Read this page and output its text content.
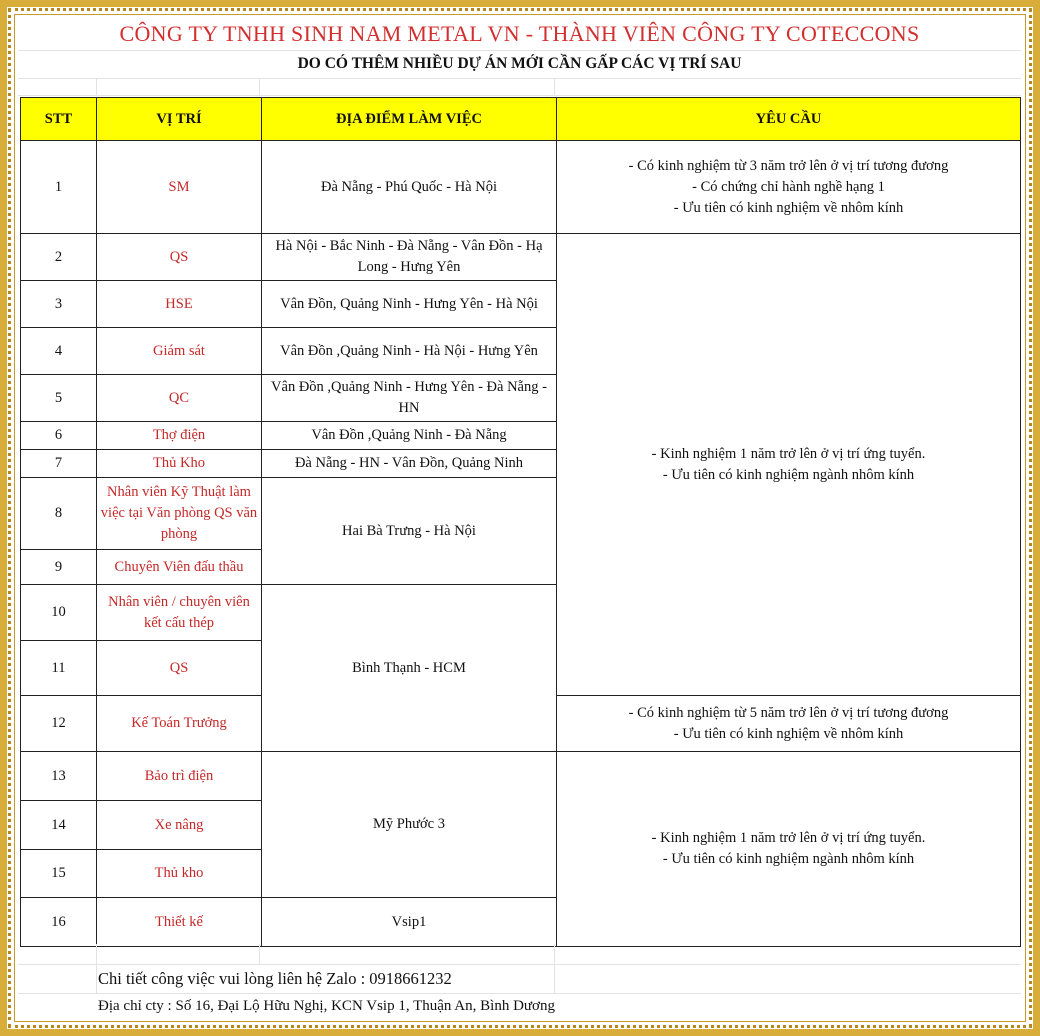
CÔNG TY TNHH SINH NAM METAL VN - THÀNH VIÊN CÔNG TY COTECCONS
DO CÓ THÊM NHIỀU DỰ ÁN MỚI CẦN GẤP CÁC VỊ TRÍ SAU
STT	VỊ TRÍ	ĐỊA ĐIỂM LÀM VIỆC	YÊU CẦU
1	SM	Đà Nẵng - Phú Quốc - Hà Nội	- Có kinh nghiệm từ 3 năm trở lên ở vị trí tương đương
- Có chứng chỉ hành nghề hạng 1
- Ưu tiên có kinh nghiệm về nhôm kính

2	QS	Hà Nội - Bắc Ninh - Đà Nẵng - Vân Đồn - Hạ Long - Hưng Yên	- Kinh nghiệm 1 năm trở lên ở vị trí ứng tuyển.
- Ưu tiên có kinh nghiệm ngành nhôm kính

3	HSE	Vân Đồn, Quảng Ninh - Hưng Yên - Hà Nội	
4	Giám sát	Vân Đồn ,Quảng Ninh - Hà Nội - Hưng Yên	
5	QC	Vân Đồn ,Quảng Ninh - Hưng Yên - Đà Nẵng - HN	
6	Thợ điện	Vân Đồn ,Quảng Ninh - Đà Nẵng	
7	Thủ Kho	Đà Nẵng - HN - Vân Đồn, Quảng Ninh	
8	Nhân viên Kỹ Thuật làm việc tại Văn phòng QS văn phòng	Hai Bà Trưng - Hà Nội	
9	Chuyên Viên đấu thầu		
10	Nhân viên / chuyên viên kết cấu thép	Bình Thạnh - HCM	
11	QS		
12	Kế Toán Trưởng		- Có kinh nghiệm từ 5 năm trở lên ở vị trí tương đương
- Ưu tiên có kinh nghiệm về nhôm kính

13	Bảo trì điện	Mỹ Phước 3	- Kinh nghiệm 1 năm trở lên ở vị trí ứng tuyển.
- Ưu tiên có kinh nghiệm ngành nhôm kính

14	Xe nâng		
15	Thủ kho		
16	Thiết kế	Vsip1	
Chi tiết công việc vui lòng liên hệ Zalo : 0918661232
Địa chỉ cty : Số 16, Đại Lộ Hữu Nghị, KCN Vsip 1, Thuận An, Bình Dương
